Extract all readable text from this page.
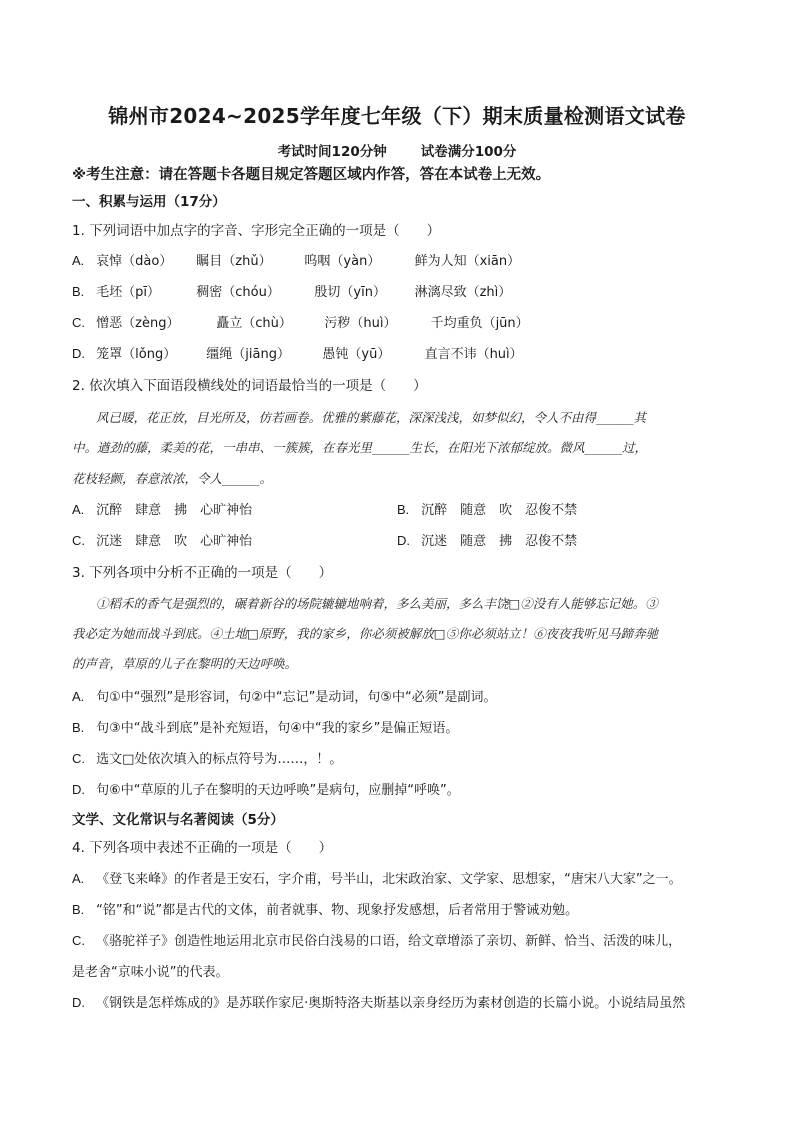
锦州市2024~2025学年度七年级（下）期末质量检测语文试卷
考试时间120分钟	试卷满分100分
※考生注意：请在答题卡各题目规定答题区域内作答，答在本试卷上无效。
一、积累与运用（17分）
1. 下列词语中加点字的字音、字形完全正确的一项是（　　）
A. 哀悼（dào） 瞩目（zhǔ）	呜咽（yàn）	鲜为人知（xiān）
B. 毛坯（pī）	稠密（chóu）	殷切（yīn） 淋漓尽致（zhì）
C. 憎恶（zèng）	矗立（chù）	污秽（huì）	千均重负（jūn）
D. 笼罩（lǒng） 缰绳（jiāng） 愚钝（yū）	直言不讳（huì）
2. 依次填入下面语段横线处的词语最恰当的一项是（　　）
风已暖，花正放，目光所及，仿若画卷。优雅的紫藤花，深深浅浅，如梦似幻，令人不由得______其
中。遒劲的藤，柔美的花，一串串、一簇簇，在春光里______生长，在阳光下浓郁绽放。微风______过，
花枝轻颤，春意浓浓，令人______。
A. 沉醉　肆意　拂　心旷神怡	B. 沉醉　随意　吹　忍俊不禁
C. 沉迷　肆意　吹　心旷神怡	D. 沉迷　随意　拂　忍俊不禁
3. 下列各项中分析不正确的一项是（　　）
①稻禾的香气是强烈的，碾着新谷的场院辘辘地响着，多么美丽，多么丰饶□②没有人能够忘记她。③
我必定为她而战斗到底。④土地□原野，我的家乡，你必须被解放□⑤你必须站立！⑥夜夜我听见马蹄奔驰
的声音，草原的儿子在黎明的天边呼唤。
A. 句①中“强烈”是形容词，句②中“忘记”是动词，句⑤中“必须”是副词。
B. 句③中“战斗到底”是补充短语，句④中“我的家乡”是偏正短语。
C. 选文□处依次填入的标点符号为……，！。
D. 句⑥中“草原的儿子在黎明的天边呼唤”是病句，应删掉“呼唤”。
文学、文化常识与名著阅读（5分）
4. 下列各项中表述不正确的一项是（　　）
A. 《登飞来峰》的作者是王安石，字介甫，号半山，北宋政治家、文学家、思想家，“唐宋八大家”之一。
B. “铭”和“说”都是古代的文体，前者就事、物、现象抒发感想，后者常用于警诫劝勉。
C. 《骆驼祥子》创造性地运用北京市民俗白浅易的口语，给文章增添了亲切、新鲜、恰当、活泼的味儿，
是老舍“京味小说”的代表。
D. 《钢铁是怎样炼成的》是苏联作家尼·奥斯特洛夫斯基以亲身经历为素材创造的长篇小说。小说结局虽然
